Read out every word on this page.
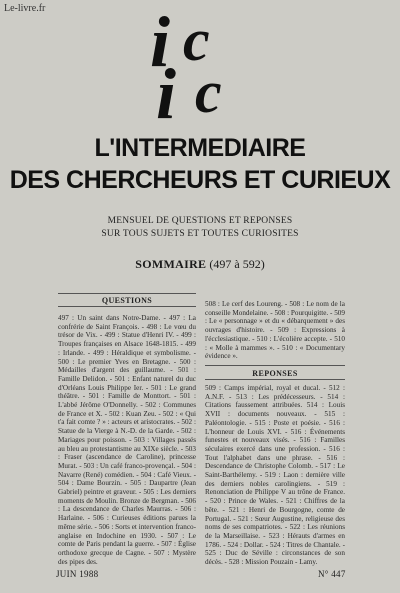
Le-livre.fr i c
i c
L'INTERMEDIAIRE
DES CHERCHEURS ET CURIEUX
MENSUEL DE QUESTIONS ET REPONSES
SUR TOUS SUJETS ET TOUTES CURIOSITES
SOMMAIRE (497 à 592)
QUESTIONS
497 : Un saint dans Notre-Dame. - 497 : La confrérie de Saint François. - 498 : Le vœu du trésor de Vix. - 499 : Statue d'Henri IV. - 499 : Troupes françaises en Alsace 1648-1815. - 499 : Irlande. - 499 : Héraldique et symbolisme. - 500 : Le premier Yves en Bretagne. - 500 : Médailles d'argent des guillaume. - 501 : Famille Delidon. - 501 : Enfant naturel du duc d'Orléans Louis Philippe Ier. - 501 : Le grand théâtre. - 501 : Famille de Monttort. - 501 : L'abbé Jérôme O'Donnelly. - 502 : Communes de France et X. - 502 : Kuan Zeu. - 502 : « Qui t'a fait comte ? » : acteurs et aristocrates. - 502 : Statue de la Vierge à N.-D. de la Garde. - 502 : Mariages pour poisson. - 503 : Villages passés au bleu au protestantisme au XIXe siècle. - 503 : Fraser (ascendance de Caroline), princesse Murat. - 503 : Un café franco-provençal. - 504 : Navarre (René) comédien. - 504 : Café Vieux. - 504 : Dame Bourzin. - 505 : Daupartre (Jean Gabriel) peintre et graveur. - 505 : Les derniers moments de Moulin. Bronze de Bergman. - 506 : La descendance de Charles Maurras. - 506 : Harlaine. - 506 : Curieuses éditions parues la même série. - 506 : Sorts et intervention franco-anglaise en Indochine en 1930. - 507 : Le comte de Paris pendant la guerre. - 507 : Église orthodoxe grecque de Cagne. - 507 : Mystère des pipes des.
508 : Le cerf des Loureng. - 508 : Le nom de la conseille Mondelaine. - 508 : Pourquigitte. - 509 : Le « personnage » et du « débarquement » des ouvrages d'histoire. - 509 : Expressions à l'écclesiastique. - 510 : L'écolière accepte. - 510 : « Molle à mammes ». - 510 : « Documentary évidence ».
REPONSES
509 : Camps impérial, royal et ducal. - 512 : A.N.F. - 513 : Les prédécesseurs. - 514 : Citations faussement attribuées. 514 : Louis XVII : documents nouveaux. - 515 : Paléontologie. - 515 : Poste et poésie. - 516 : L'honneur de Louis XVI. - 516 : Événements funestes et nouveaux visés. - 516 : Familles séculaires exercé dans une profession. - 516 : Tout l'alphabet dans une phrase. - 516 : Descendance de Christophe Colomb. - 517 : Le Saint-Barthélemy. - 519 : Laon : dernière ville des derniers nobles carolingiens. - 519 : Renonciation de Philippe V au trône de France. - 520 : Prince de Wales. - 521 : Chiffres de la bête. - 521 : Henri de Bourgogne, comte de Portugal. - 521 : Sœur Augustine, religieuse des noms de ses compatriotes. - 522 : Les réunions de la Marseillaise. - 523 : Hérauts d'armes en 1786. - 524 : Dollar. - 524 : Titres de Chantale. - 525 : Duc de Séville : circonstances de son décès. - 528 : Mission Pouzain - Lamy.
JUIN 1988	N° 447
